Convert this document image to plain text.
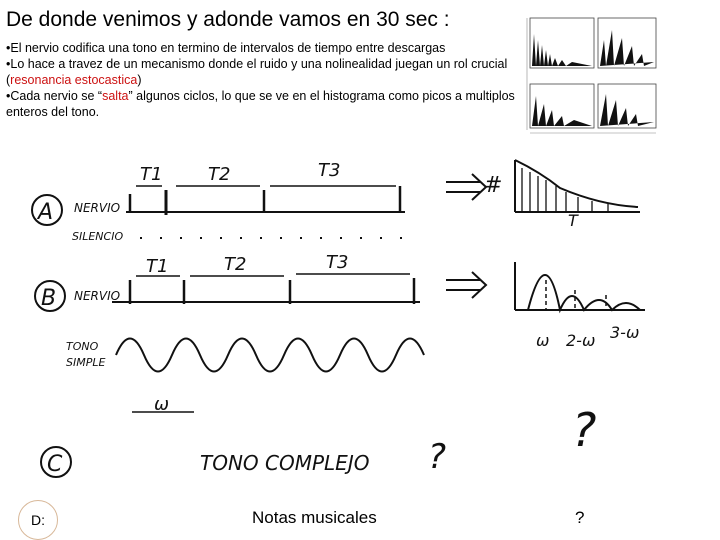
De donde venimos y adonde vamos en 30 sec :

•El nervio codifica una tono en termino de intervalos de tiempo entre descargas

•Lo hace a travez de un mecanismo donde el ruido y una nolinealidad juegan un rol crucial (resonancia estocastica)

•Cada nervio se “salta” algunos ciclos, lo que se ve en el histograma como picos a multiplos enteros del tono.

A NERVIO
T1	T2	T3
SILENCIO
B NERVIO
T1	T2	T3
TONO
SIMPLE
ω
#
T
ω 2-ω 3-ω
C	TONO COMPLEJO ?	?
D:	Notas musicales	?
